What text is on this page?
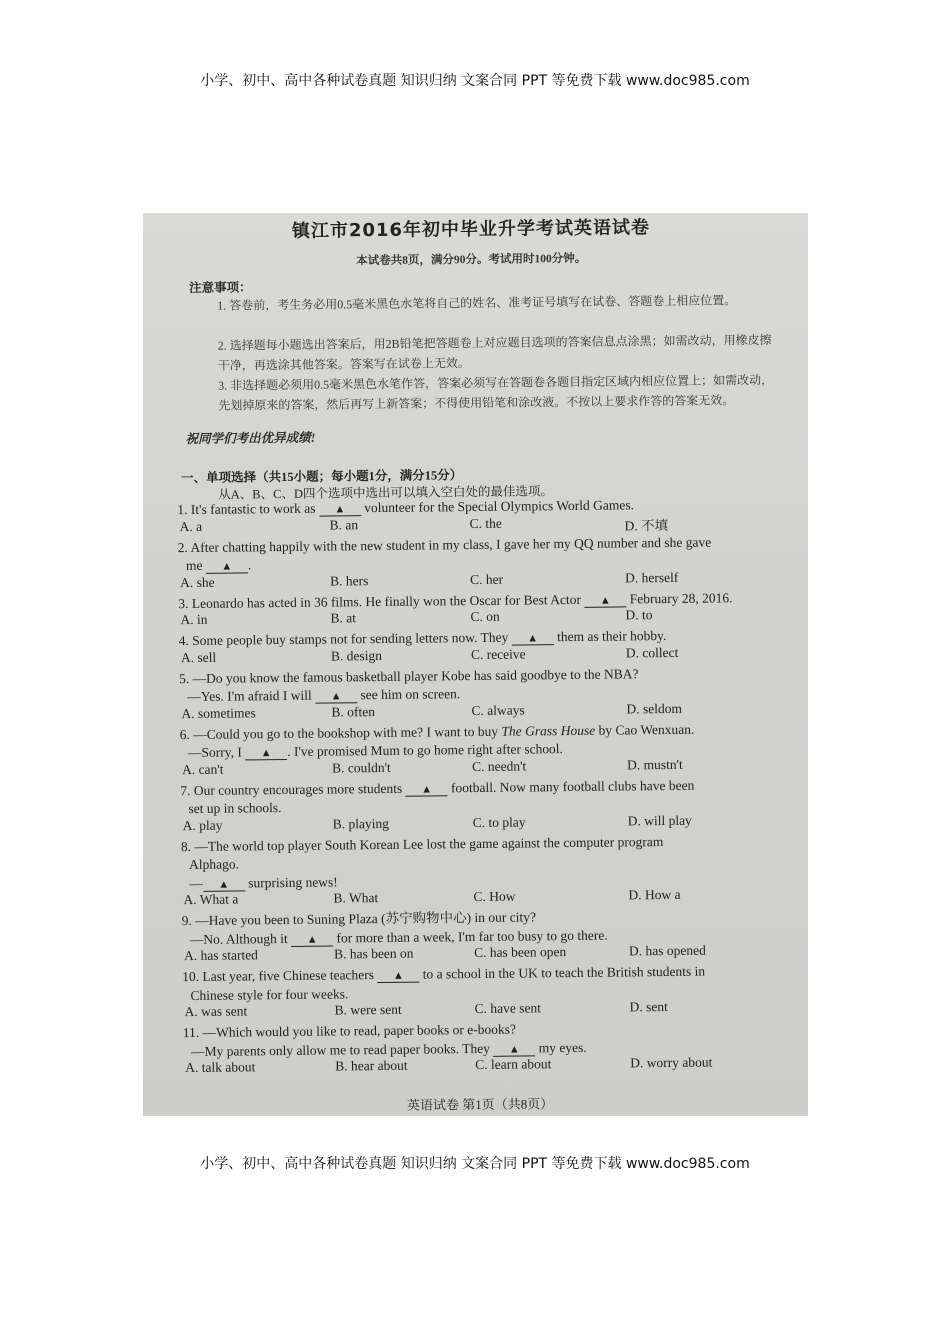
小学、初中、高中各种试卷真题 知识归纳 文案合同 PPT 等免费下载 www.doc985.com
镇江市2016年初中毕业升学考试英语试卷
本试卷共8页，满分90分。考试用时100分钟。
注意事项：
1. 答卷前，考生务必用0.5毫米黑色水笔将自己的姓名、准考证号填写在试卷、答题卷上相应位置。
2. 选择题每小题选出答案后，用2B铅笔把答题卷上对应题目选项的答案信息点涂黑；如需改动，用橡皮擦干净，再选涂其他答案。答案写在试卷上无效。
3. 非选择题必须用0.5毫米黑色水笔作答，答案必须写在答题卷各题目指定区域内相应位置上；如需改动，先划掉原来的答案，然后再写上新答案；不得使用铅笔和涂改液。不按以上要求作答的答案无效。
祝同学们考出优异成绩!
一、单项选择（共15小题；每小题1分，满分15分）
从A、B、C、D四个选项中选出可以填入空白处的最佳选项。
1. It's fantastic to work as ▲ volunteer for the Special Olympics World Games.
A. a	B. an	C. the	D. 不填
2. After chatting happily with the new student in my class, I gave her my QQ number and she gave
me ▲ .
A. she	B. hers	C. her	D. herself
3. Leonardo has acted in 36 films. He finally won the Oscar for Best Actor ▲ February 28, 2016.
A. in	B. at	C. on	D. to
4. Some people buy stamps not for sending letters now. They ▲ them as their hobby.
A. sell	B. design	C. receive	D. collect
5. —Do you know the famous basketball player Kobe has said goodbye to the NBA?
—Yes. I'm afraid I will ▲ see him on screen.
A. sometimes	B. often	C. always	D. seldom
6. —Could you go to the bookshop with me? I want to buy The Grass House by Cao Wenxuan.
—Sorry, I ▲ . I've promised Mum to go home right after school.
A. can't	B. couldn't	C. needn't	D. mustn't
7. Our country encourages more students ▲ football. Now many football clubs have been
set up in schools.
A. play	B. playing	C. to play	D. will play
8. —The world top player South Korean Lee lost the game against the computer program
Alphago.
— ▲ surprising news!
A. What a	B. What	C. How	D. How a
9. —Have you been to Suning Plaza (苏宁购物中心) in our city?
—No. Although it ▲ for more than a week, I'm far too busy to go there.
A. has started	B. has been on	C. has been open	D. has opened
10. Last year, five Chinese teachers ▲ to a school in the UK to teach the British students in
Chinese style for four weeks.
A. was sent	B. were sent	C. have sent	D. sent
11. —Which would you like to read, paper books or e-books?
—My parents only allow me to read paper books. They ▲ my eyes.
A. talk about	B. hear about	C. learn about	D. worry about
英语试卷 第1页（共8页）
小学、初中、高中各种试卷真题 知识归纳 文案合同 PPT 等免费下载 www.doc985.com
